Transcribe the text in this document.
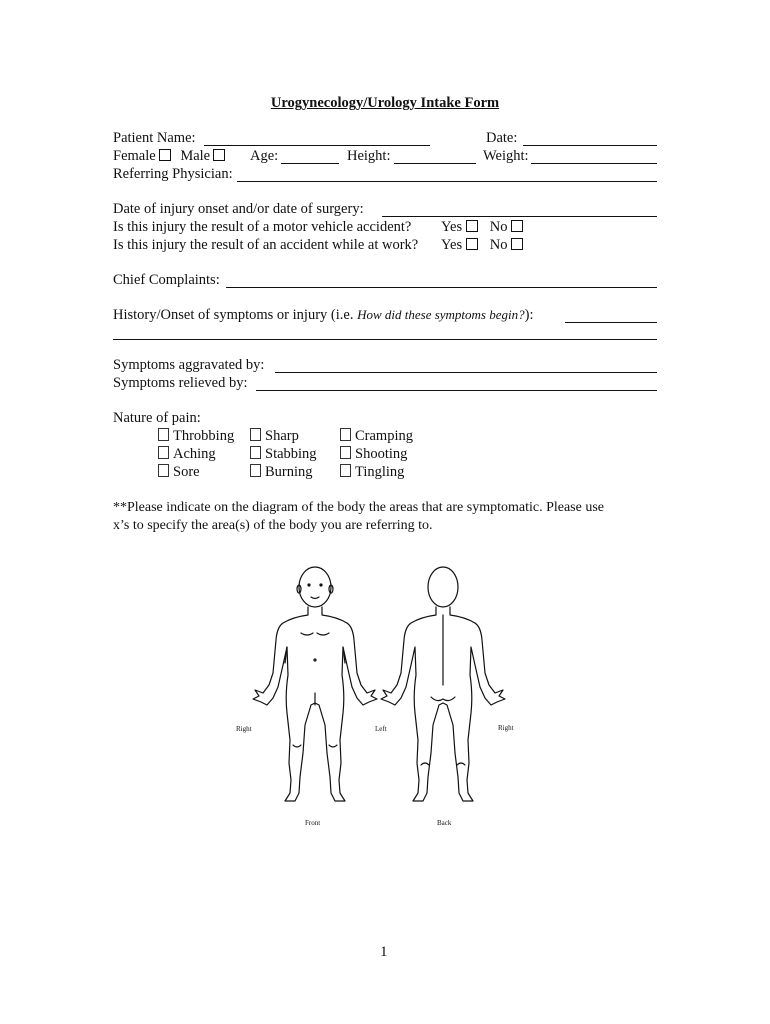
Urogynecology/Urology Intake Form
Patient Name:	Date:
Female Male	Age:	Height:	Weight:
Referring Physician:
Date of injury onset and/or date of surgery:
Is this injury the result of a motor vehicle accident? Yes No
Is this injury the result of an accident while at work? Yes No
Chief Complaints:
History/Onset of symptoms or injury (i.e. How did these symptoms begin?):
Symptoms aggravated by:
Symptoms relieved by:
Nature of pain:
Throbbing	Sharp	Cramping
Aching	Stabbing	Shooting
Sore	Burning	Tingling
**Please indicate on the diagram of the body the areas that are symptomatic. Please use
x’s to specify the area(s) of the body you are referring to.
Right	Left	Right
Front	Back
1
